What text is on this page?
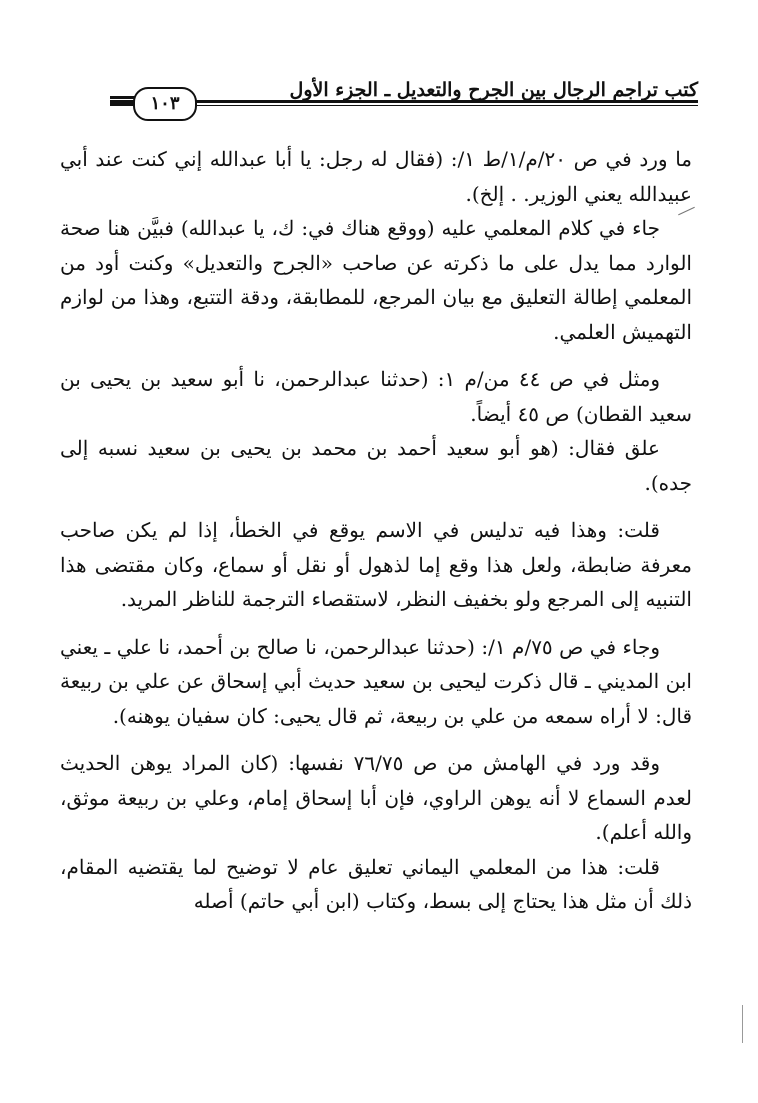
كتب تراجم الرجال بين الجرح والتعديل ـ الجزء الأول
١٠٣

ما ورد في ص ٢٠/م/١/ط ١/: (فقال له رجل: يا أبا عبدالله إني كنت عند أبي عبيدالله يعني الوزير. . إلخ).

جاء في كلام المعلمي عليه (ووقع هناك في: ك، يا عبدالله) فبيَّن هنا صحة الوارد مما يدل على ما ذكرته عن صاحب «الجرح والتعديل» وكنت أود من المعلمي إطالة التعليق مع بيان المرجع، للمطابقة، ودقة التتبع، وهذا من لوازم التهميش العلمي.

ومثل في ص ٤٤ من/م ١: (حدثنا عبدالرحمن، نا أبو سعيد بن يحيى بن سعيد القطان) ص ٤٥ أيضاً.

علق فقال: (هو أبو سعيد أحمد بن محمد بن يحيى بن سعيد نسبه إلى جده).

قلت: وهذا فيه تدليس في الاسم يوقع في الخطأ، إذا لم يكن صاحب معرفة ضابطة، ولعل هذا وقع إما لذهول أو نقل أو سماع، وكان مقتضى هذا التنبيه إلى المرجع ولو بخفيف النظر، لاستقصاء الترجمة للناظر المريد.

وجاء في ص ٧٥/م ١/: (حدثنا عبدالرحمن، نا صالح بن أحمد، نا علي ـ يعني ابن المديني ـ قال ذكرت ليحيى بن سعيد حديث أبي إسحاق عن علي بن ربيعة قال: لا أراه سمعه من علي بن ربيعة، ثم قال يحيى: كان سفيان يوهنه).

وقد ورد في الهامش من ص ٧٦/٧٥ نفسها: (كان المراد يوهن الحديث لعدم السماع لا أنه يوهن الراوي، فإن أبا إسحاق إمام، وعلي بن ربيعة موثق، والله أعلم).

قلت: هذا من المعلمي اليماني تعليق عام لا توضيح لما يقتضيه المقام، ذلك أن مثل هذا يحتاج إلى بسط، وكتاب (ابن أبي حاتم) أصله
